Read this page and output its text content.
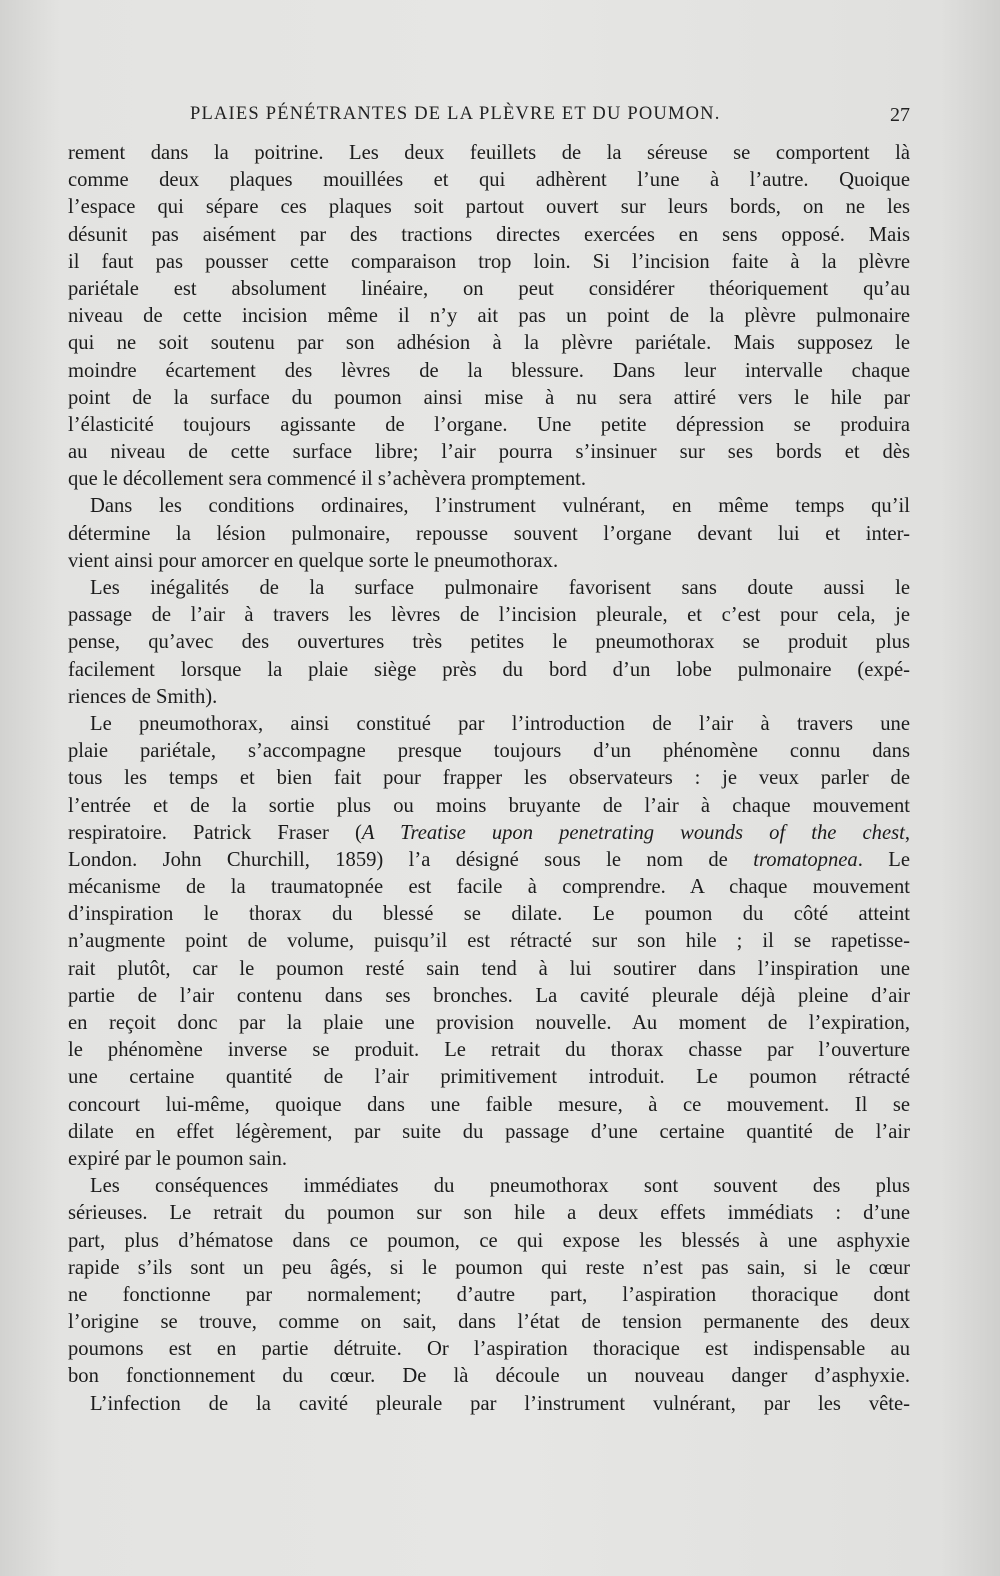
PLAIES PÉNÉTRANTES DE LA PLÈVRE ET DU POUMON.	27
rement dans la poitrine. Les deux feuillets de la séreuse se comportent là
comme deux plaques mouillées et qui adhèrent l’une à l’autre. Quoique
l’espace qui sépare ces plaques soit partout ouvert sur leurs bords, on ne les
désunit pas aisément par des tractions directes exercées en sens opposé. Mais
il faut pas pousser cette comparaison trop loin. Si l’incision faite à la plèvre
pariétale est absolument linéaire, on peut considérer théoriquement qu’au
niveau de cette incision même il n’y ait pas un point de la plèvre pulmonaire
qui ne soit soutenu par son adhésion à la plèvre pariétale. Mais supposez le
moindre écartement des lèvres de la blessure. Dans leur intervalle chaque
point de la surface du poumon ainsi mise à nu sera attiré vers le hile par
l’élasticité toujours agissante de l’organe. Une petite dépression se produira
au niveau de cette surface libre; l’air pourra s’insinuer sur ses bords et dès
que le décollement sera commencé il s’achèvera promptement.
Dans les conditions ordinaires, l’instrument vulnérant, en même temps qu’il
détermine la lésion pulmonaire, repousse souvent l’organe devant lui et inter-
vient ainsi pour amorcer en quelque sorte le pneumothorax.
Les inégalités de la surface pulmonaire favorisent sans doute aussi le
passage de l’air à travers les lèvres de l’incision pleurale, et c’est pour cela, je
pense, qu’avec des ouvertures très petites le pneumothorax se produit plus
facilement lorsque la plaie siège près du bord d’un lobe pulmonaire (expé-
riences de Smith).
Le pneumothorax, ainsi constitué par l’introduction de l’air à travers une
plaie pariétale, s’accompagne presque toujours d’un phénomène connu dans
tous les temps et bien fait pour frapper les observateurs : je veux parler de
l’entrée et de la sortie plus ou moins bruyante de l’air à chaque mouvement
respiratoire. Patrick Fraser (A Treatise upon penetrating wounds of the chest,
London. John Churchill, 1859) l’a désigné sous le nom de tromatopnea. Le
mécanisme de la traumatopnée est facile à comprendre. A chaque mouvement
d’inspiration le thorax du blessé se dilate. Le poumon du côté atteint
n’augmente point de volume, puisqu’il est rétracté sur son hile ; il se rapetisse-
rait plutôt, car le poumon resté sain tend à lui soutirer dans l’inspiration une
partie de l’air contenu dans ses bronches. La cavité pleurale déjà pleine d’air
en reçoit donc par la plaie une provision nouvelle. Au moment de l’expiration,
le phénomène inverse se produit. Le retrait du thorax chasse par l’ouverture
une certaine quantité de l’air primitivement introduit. Le poumon rétracté
concourt lui-même, quoique dans une faible mesure, à ce mouvement. Il se
dilate en effet légèrement, par suite du passage d’une certaine quantité de l’air
expiré par le poumon sain.
Les conséquences immédiates du pneumothorax sont souvent des plus
sérieuses. Le retrait du poumon sur son hile a deux effets immédiats : d’une
part, plus d’hématose dans ce poumon, ce qui expose les blessés à une asphyxie
rapide s’ils sont un peu âgés, si le poumon qui reste n’est pas sain, si le cœur
ne fonctionne par normalement; d’autre part, l’aspiration thoracique dont
l’origine se trouve, comme on sait, dans l’état de tension permanente des deux
poumons est en partie détruite. Or l’aspiration thoracique est indispensable au
bon fonctionnement du cœur. De là découle un nouveau danger d’asphyxie.
L’infection de la cavité pleurale par l’instrument vulnérant, par les vête-
